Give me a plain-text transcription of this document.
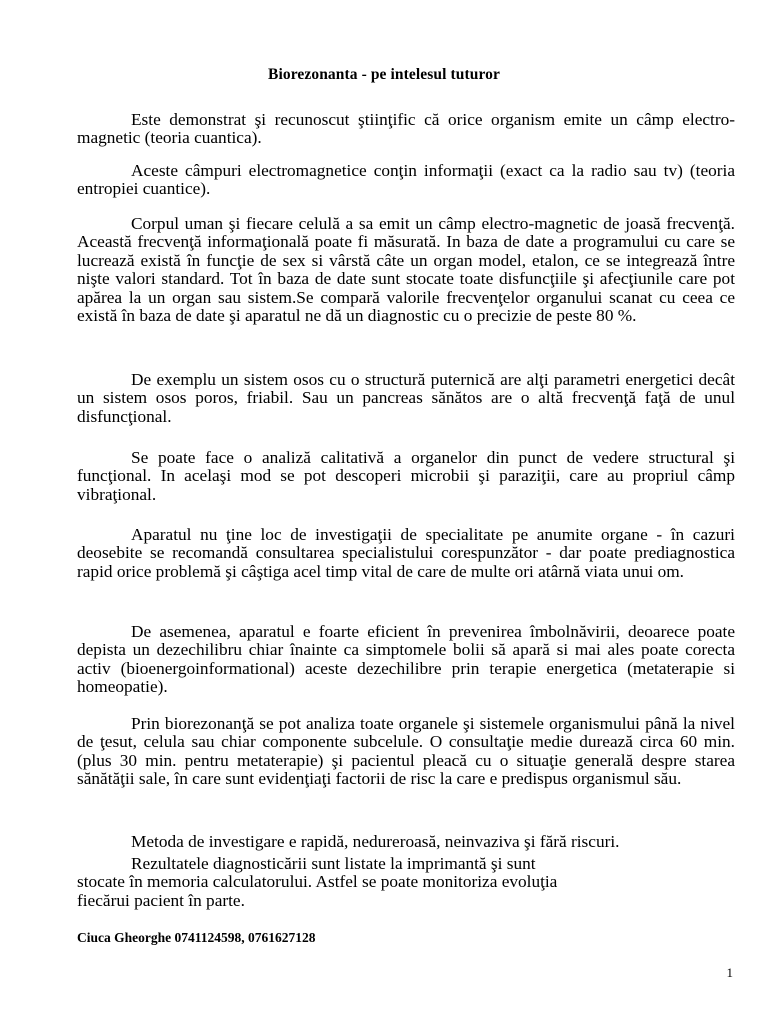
Biorezonanta - pe intelesul tuturor

Este demonstrat şi recunoscut ştiinţific că orice organism emite un câmp electro-magnetic (teoria cuantica).

Aceste câmpuri electromagnetice conţin informaţii (exact ca la radio sau tv) (teoria entropiei cuantice).

Corpul uman şi fiecare celulă a sa emit un câmp electro-magnetic de joasă frecvenţă. Această frecvenţă informaţională poate fi măsurată. In baza de date a programului cu care se lucrează există în funcţie de sex si vârstă câte un organ model, etalon, ce se integrează între nişte valori standard. Tot în baza de date sunt stocate toate disfuncţiile şi afecţiunile care pot apărea la un organ sau sistem.Se compară valorile frecvenţelor organului scanat cu ceea ce există în baza de date şi aparatul ne dă un diagnostic cu o precizie de peste 80 %.

De exemplu un sistem osos cu o structură puternică are alţi parametri energetici decât un sistem osos poros, friabil. Sau un pancreas sănătos are o altă frecvenţă faţă de unul disfuncţional.

Se poate face o analiză calitativă a organelor din punct de vedere structural şi funcţional. In acelaşi mod se pot descoperi microbii şi paraziţii, care au propriul câmp vibraţional.

Aparatul nu ţine loc de investigaţii de specialitate pe anumite organe - în cazuri deosebite se recomandă consultarea specialistului corespunzător - dar poate prediagnostica rapid orice problemă şi câştiga acel timp vital de care de multe ori atârnă viata unui om.

De asemenea, aparatul e foarte eficient în prevenirea îmbolnăvirii, deoarece poate depista un dezechilibru chiar înainte ca simptomele bolii să apară si mai ales poate corecta activ (bioenergoinformational) aceste dezechilibre prin terapie energetica (metaterapie si homeopatie).

Prin biorezonanţă se pot analiza toate organele şi sistemele organismului până la nivel de ţesut, celula sau chiar componente subcelule. O consultaţie medie durează circa 60 min. (plus 30 min. pentru metaterapie) şi pacientul pleacă cu o situaţie generală despre starea sănătăţii sale, în care sunt evidenţiaţi factorii de risc la care e predispus organismul său.

Metoda de investigare e rapidă, nedureroasă, neinvaziva şi fără riscuri.

Rezultatele diagnosticării sunt listate la imprimantă şi sunt
stocate în memoria calculatorului. Astfel se poate monitoriza evoluţia
fiecărui pacient în parte.
Ciuca Gheorghe 0741124598, 0761627128
1
